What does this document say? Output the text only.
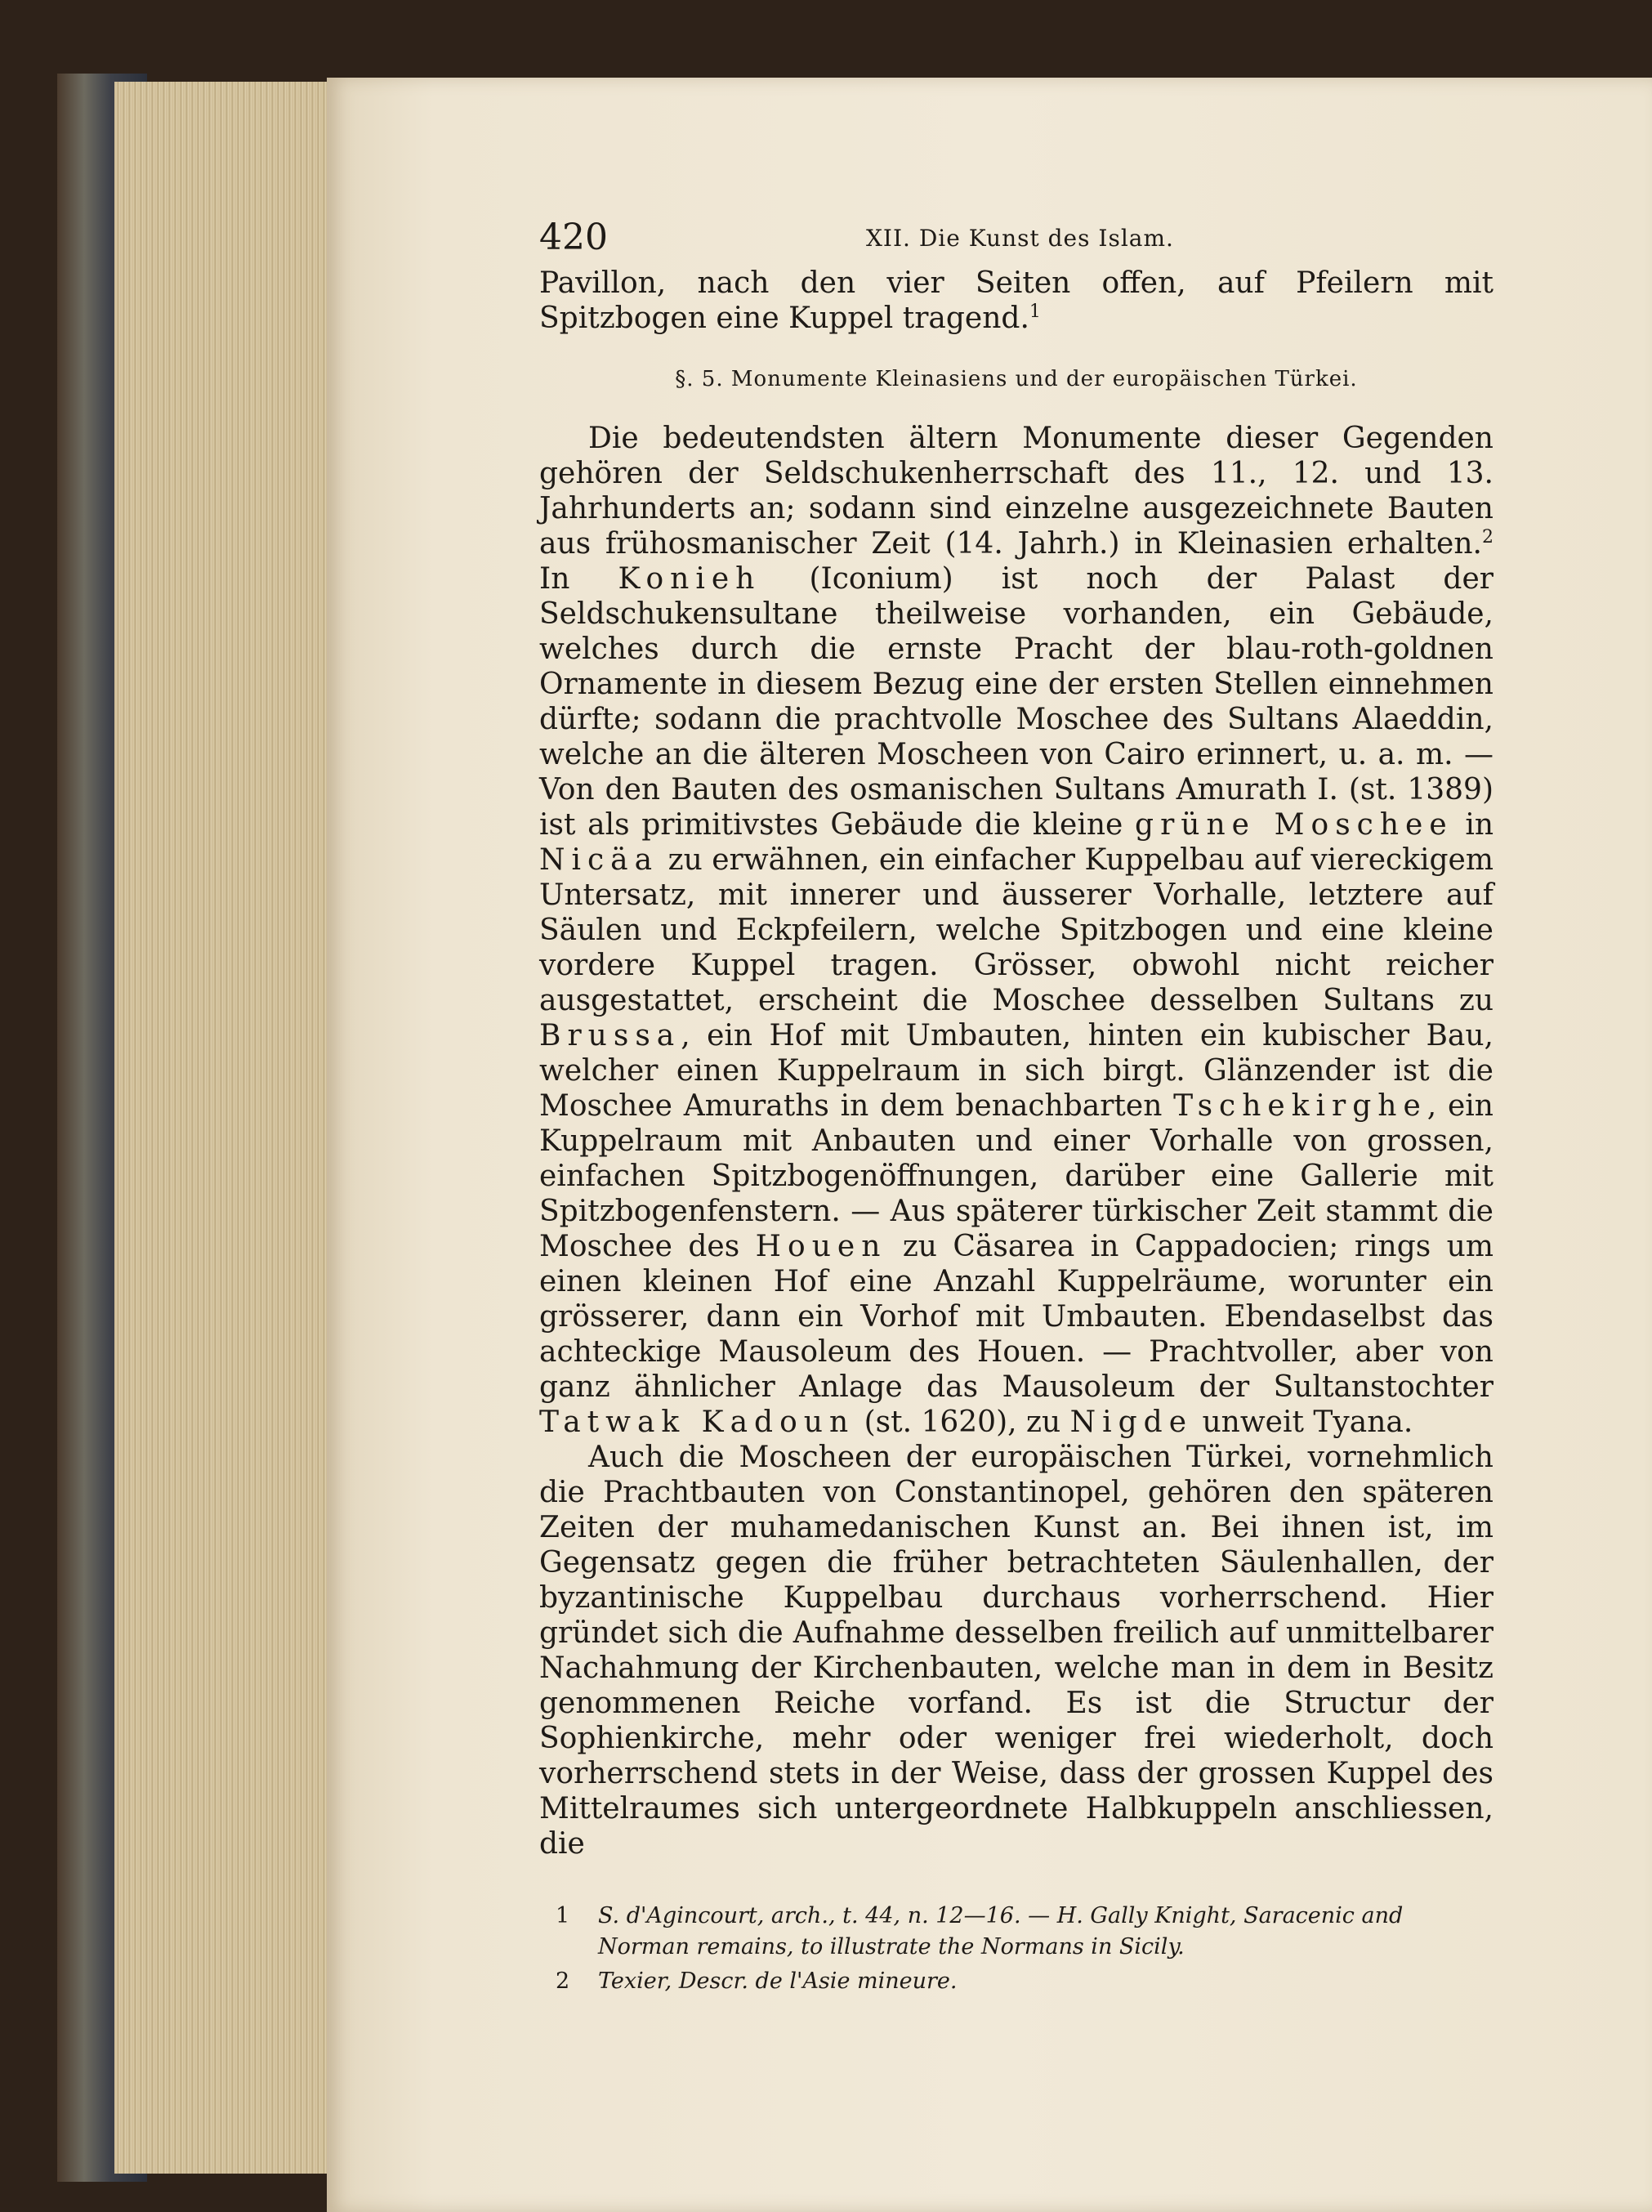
420	XII. Die Kunst des Islam.

Pavillon, nach den vier Seiten offen, auf Pfeilern mit Spitzbogen eine Kuppel tragend.$^1$

§. 5. Monumente Kleinasiens und der europäischen Türkei.

Die bedeutendsten ältern Monumente dieser Gegenden gehören der Seldschukenherrschaft des 11., 12. und 13. Jahrhunderts an; sodann sind einzelne ausgezeichnete Bauten aus frühosmanischer Zeit (14. Jahrh.) in Kleinasien erhalten.$^2$ In Konieh (Iconium) ist noch der Palast der Seldschukensultane theilweise vorhanden, ein Gebäude, welches durch die ernste Pracht der blau-roth-goldnen Ornamente in diesem Bezug eine der ersten Stellen einnehmen dürfte; sodann die prachtvolle Moschee des Sultans Alaeddin, welche an die älteren Moscheen von Cairo erinnert, u. a. m. — Von den Bauten des osmanischen Sultans Amurath I. (st. 1389) ist als primitivstes Gebäude die kleine grüne Moschee in Nicäa zu erwähnen, ein einfacher Kuppelbau auf viereckigem Untersatz, mit innerer und äusserer Vorhalle, letztere auf Säulen und Eckpfeilern, welche Spitzbogen und eine kleine vordere Kuppel tragen. Grösser, obwohl nicht reicher ausgestattet, erscheint die Moschee desselben Sultans zu Brussa, ein Hof mit Umbauten, hinten ein kubischer Bau, welcher einen Kuppelraum in sich birgt. Glänzender ist die Moschee Amuraths in dem benachbarten Tschekirghe, ein Kuppelraum mit Anbauten und einer Vorhalle von grossen, einfachen Spitzbogenöffnungen, darüber eine Gallerie mit Spitzbogenfenstern. — Aus späterer türkischer Zeit stammt die Moschee des Houen zu Cäsarea in Cappadocien; rings um einen kleinen Hof eine Anzahl Kuppelräume, worunter ein grösserer, dann ein Vorhof mit Umbauten. Ebendaselbst das achteckige Mausoleum des Houen. — Prachtvoller, aber von ganz ähnlicher Anlage das Mausoleum der Sultanstochter Tatwak Kadoun (st. 1620), zu Nigde unweit Tyana.

Auch die Moscheen der europäischen Türkei, vornehmlich die Prachtbauten von Constantinopel, gehören den späteren Zeiten der muhamedanischen Kunst an. Bei ihnen ist, im Gegensatz gegen die früher betrachteten Säulenhallen, der byzantinische Kuppelbau durchaus vorherrschend. Hier gründet sich die Aufnahme desselben freilich auf unmittelbarer Nachahmung der Kirchenbauten, welche man in dem in Besitz genommenen Reiche vorfand. Es ist die Structur der Sophienkirche, mehr oder weniger frei wiederholt, doch vorherrschend stets in der Weise, dass der grossen Kuppel des Mittelraumes sich untergeordnete Halbkuppeln anschliessen, die

1 S. d'Agincourt, arch., t. 44, n. 12—16. — H. Gally Knight, Saracenic and Norman remains, to illustrate the Normans in Sicily.

2 Texier, Descr. de l'Asie mineure.
